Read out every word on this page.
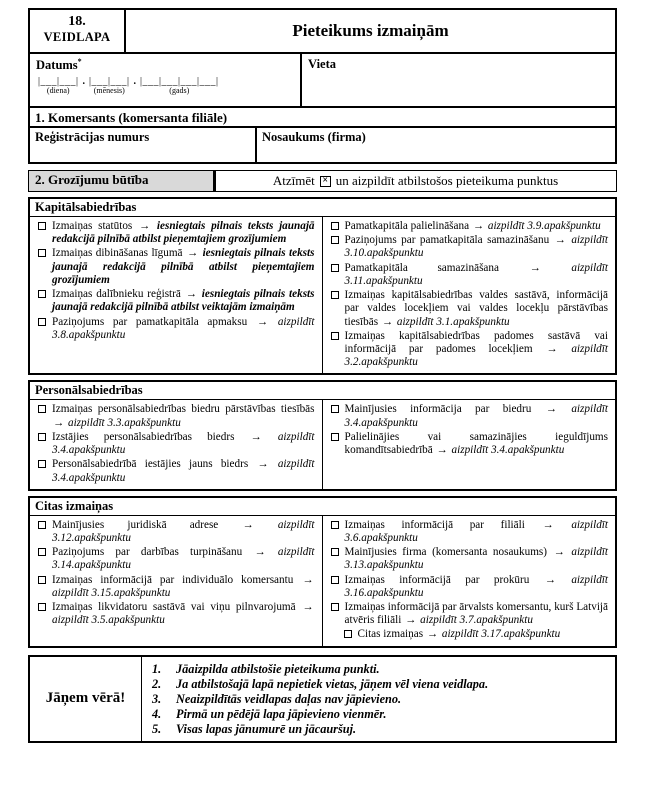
18.
VEIDLAPA	Pieteikums izmaiņām
Datums*
|___|___|
(diena)
. |___|___|
(mēnesis)
. |___|___|___|___|
(gads)
Vieta
1. Komersants (komersanta filiāle)
Reģistrācijas numurs	Nosaukums (firma)
2. Grozījumu būtība	Atzīmēt × un aizpildīt atbilstošos pieteikuma punktus
Kapitālsabiedrības
Izmaiņas statūtos → iesniegtais pilnais teksts jaunajā redakcijā pilnībā atbilst pieņemtajiem grozījumiem
Izmaiņas dibināšanas līgumā → iesniegtais pilnais teksts jaunajā redakcijā pilnībā atbilst pieņemtajiem grozījumiem
Izmaiņas dalībnieku reģistrā → iesniegtais pilnais teksts jaunajā redakcijā pilnībā atbilst veiktajām izmaiņām
Paziņojums par pamatkapitāla apmaksu → aizpildīt 3.8.apakšpunktu
Pamatkapitāla palielināšana → aizpildīt 3.9.apakšpunktu
Paziņojums par pamatkapitāla samazināšanu → aizpildīt 3.10.apakšpunktu
Pamatkapitāla samazināšana	→	aizpildīt 3.11.apakšpunktu
Izmaiņas kapitālsabiedrības valdes sastāvā, informācijā par valdes locekļiem vai valdes locekļu pārstāvības tiesībās → aizpildīt 3.1.apakšpunktu
Izmaiņas kapitālsabiedrības padomes sastāvā vai informācijā par padomes locekļiem → aizpildīt 3.2.apakšpunktu
Personālsabiedrības
Izmaiņas personālsabiedrības biedru pārstāvības tiesībās → aizpildīt 3.3.apakšpunktu
Izstājies personālsabiedrības biedrs → aizpildīt 3.4.apakšpunktu
Personālsabiedrībā iestājies jauns biedrs → aizpildīt 3.4.apakšpunktu
Mainījusies informācija par biedru → aizpildīt 3.4.apakšpunktu
Palielinājies vai samazinājies ieguldījums komandītsabiedrībā → aizpildīt 3.4.apakšpunktu
Citas izmaiņas
Mainījusies juridiskā adrese → aizpildīt 3.12.apakšpunktu
Paziņojums par darbības turpināšanu → aizpildīt 3.14.apakšpunktu
Izmaiņas informācijā par individuālo komersantu → aizpildīt 3.15.apakšpunktu
Izmaiņas likvidatoru sastāvā vai viņu pilnvarojumā → aizpildīt 3.5.apakšpunktu
Izmaiņas informācijā par filiāli → aizpildīt 3.6.apakšpunktu
Mainījusies firma (komersanta nosaukums) → aizpildīt 3.13.apakšpunktu
Izmaiņas informācijā par prokūru → aizpildīt 3.16.apakšpunktu
Izmaiņas informācijā par ārvalsts komersantu, kurš Latvijā atvēris filiāli → aizpildīt 3.7.apakšpunktu
Citas izmaiņas → aizpildīt 3.17.apakšpunktu
Jāņem vērā!
1.	Jāaizpilda atbilstošie pieteikuma punkti.
2.	Ja atbilstošajā lapā nepietiek vietas, jāņem vēl viena veidlapa.
3.	Neaizpildītās veidlapas daļas nav jāpievieno.
4.	Pirmā un pēdējā lapa jāpievieno vienmēr.
5.	Visas lapas jānumurē un jācauršuj.
